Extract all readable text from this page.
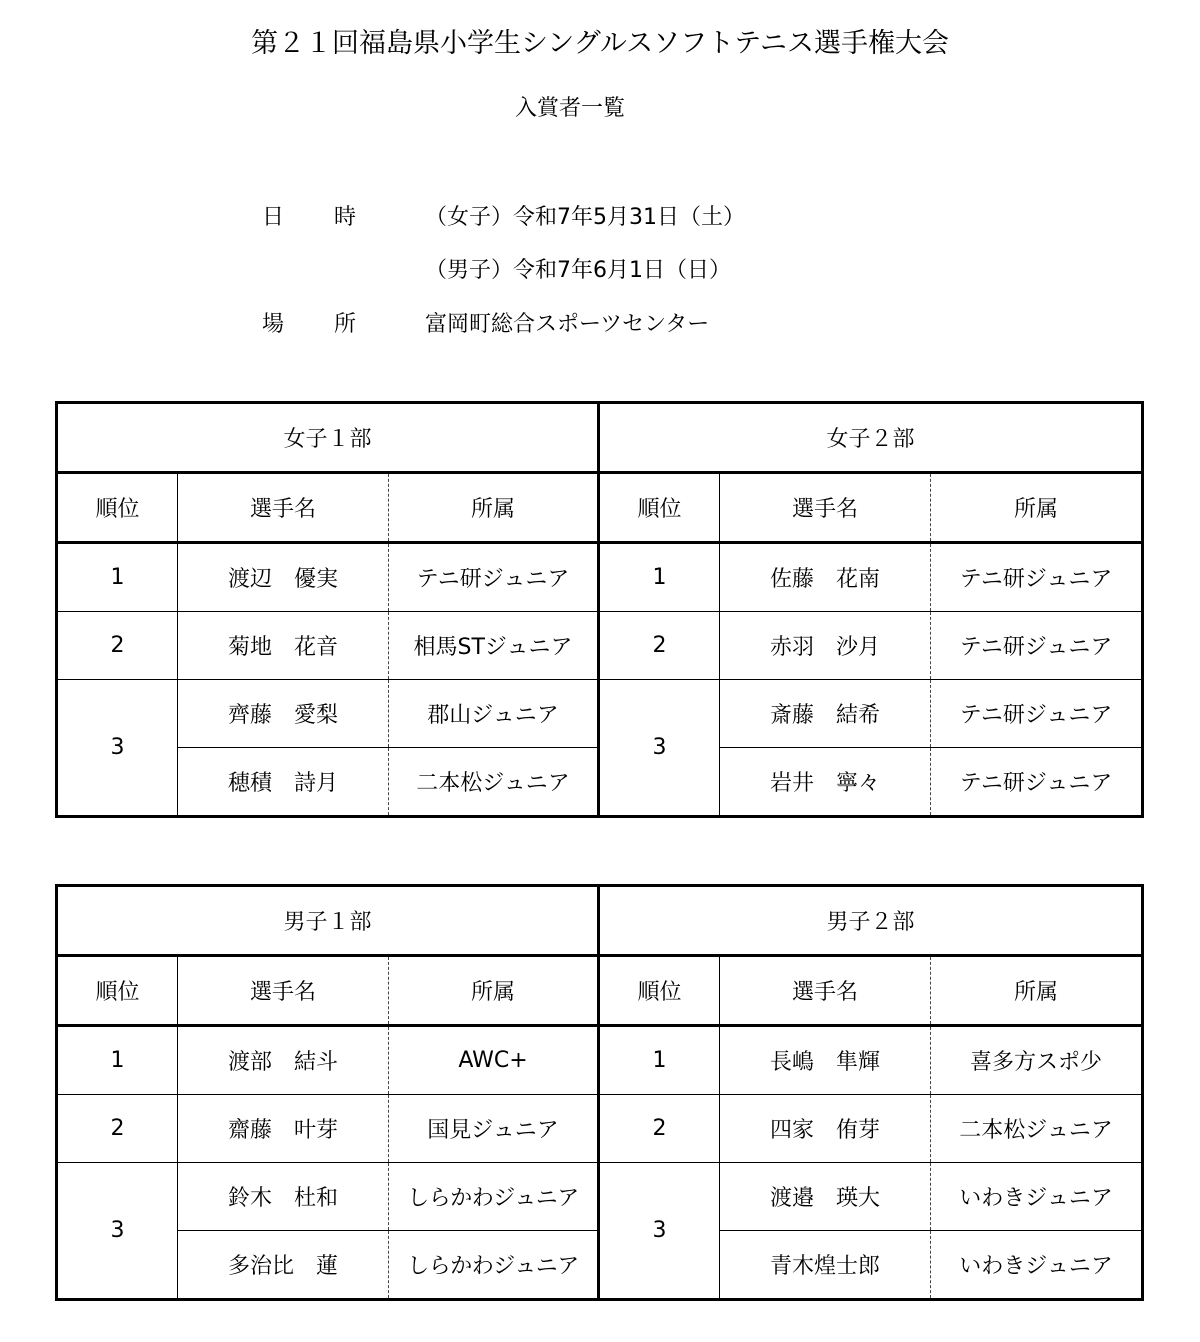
第２１回福島県小学生シングルスソフトテニス選手権大会
入賞者一覧
日 時	（女子）令和7年5月31日（土）
（男子）令和7年6月1日（日）
場 所	富岡町総合スポーツセンター
女子１部			女子２部		
順位	選手名	所属	順位	選手名	所属
1	渡辺　優実	テニ研ジュニア	1	佐藤　花南	テニ研ジュニア
2	菊地　花音	相馬STジュニア	2	赤羽　沙月	テニ研ジュニア
3	齊藤　愛梨	郡山ジュニア	3	斎藤　結希	テニ研ジュニア
	穂積　詩月	二本松ジュニア		岩井　寧々	テニ研ジュニア
男子１部			男子２部		
順位	選手名	所属	順位	選手名	所属
1	渡部　結斗	AWC+	1	長嶋　隼輝	喜多方スポ少
2	齋藤　叶芽	国見ジュニア	2	四家　侑芽	二本松ジュニア
3	鈴木　杜和	しらかわジュニア	3	渡邉　瑛大	いわきジュニア
	多治比　蓮	しらかわジュニア		青木煌士郎	いわきジュニア
